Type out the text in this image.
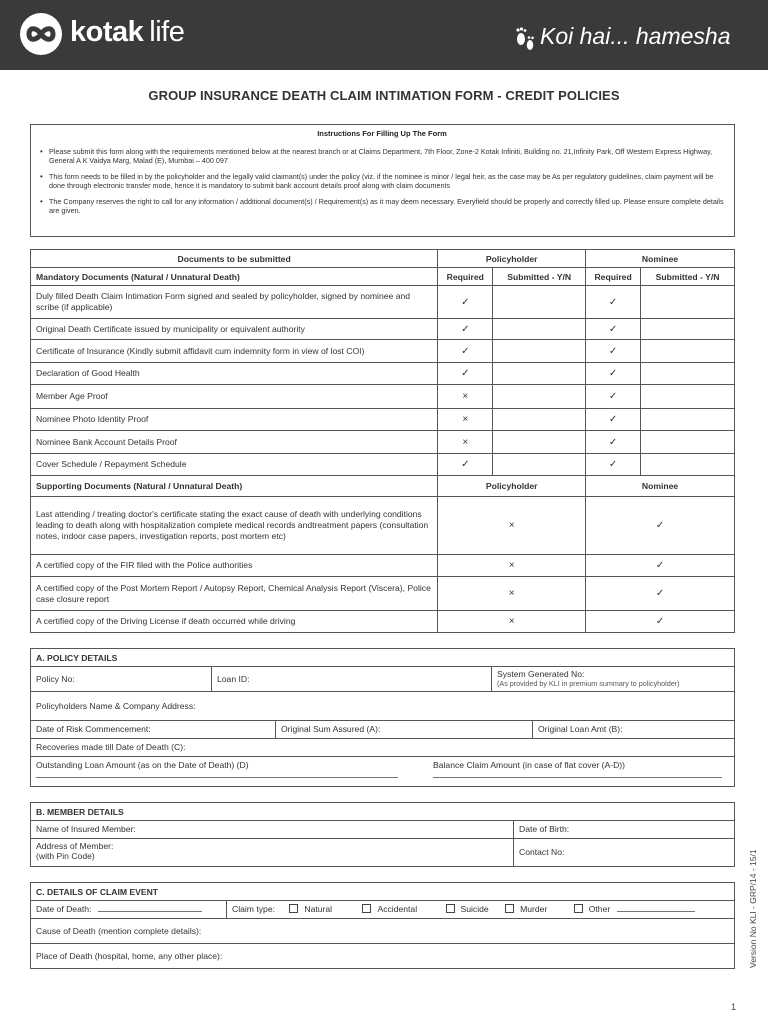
kotak life	Koi hai... hamesha
GROUP INSURANCE DEATH CLAIM INTIMATION FORM - CREDIT POLICIES
Instructions For Filling Up The Form
• Please submit this form along with the requirements mentioned below at the nearest branch or at Claims Department, 7th Floor, Zone-2 Kotak Infiniti, Building no. 21,Infinity Park, Off Western Express Highway, General A K Vaidya Marg, Malad (E), Mumbai – 400 097
• This form needs to be filled in by the policyholder and the legally valid claimant(s) under the policy (viz. if the nominee is minor / legal heir, as the case may be As per regulatory guidelines, claim payment will be done through electronic transfer mode, hence it is mandatory to submit bank account details proof along with claim documents
• The Company reserves the right to call for any information / additional document(s) / Requirement(s) as it may deem necessary. Everyfield should be properly and correctly filled up. Please ensure complete details are given.
Documents to be submitted	Policyholder		Nominee	
Mandatory Documents (Natural / Unnatural Death)	Required	Submitted - Y/N	Required	Submitted - Y/N
Duly filled Death Claim Intimation Form signed and sealed by policyholder, signed by nominee and scribe (if applicable)	✓		✓	
Original Death Certificate issued by municipality or equivalent authority	✓		✓	
Certificate of Insurance (Kindly submit affidavit cum indemnity form in view of lost COI)	✓		✓	
Declaration of Good Health	✓		✓	
Member Age Proof	×		✓	
Nominee Photo Identity Proof	×		✓	
Nominee Bank Account Details Proof	×		✓	
Cover Schedule / Repayment Schedule	✓		✓	
Supporting Documents (Natural / Unnatural Death)	Policyholder		Nominee	
Last attending / treating doctor's certificate stating the exact cause of death with underlying conditions leading to death along with hospitalization complete medical records andtreatment papers (consultation notes, indoor case papers, investigation reports, post mortem etc)	×		✓	
A certified copy of the FIR filed with the Police authorities	×		✓	
A certified copy of the Post Mortem Report / Autopsy Report, Chemical Analysis Report (Viscera), Police case closure report	×		✓	
A certified copy of the Driving License if death occurred while driving	×		✓	
A. POLICY DETAILS
Policy No:	Loan ID:	System Generated No:
(As provided by KLI in premium summary to policyholder)
Policyholders Name & Company Address:
Date of Risk Commencement:	Original Sum Assured (A):	Original Loan Amt (B):
Recoveries made till Date of Death (C):
Outstanding Loan Amount (as on the Date of Death) (D)	Balance Claim Amount (in case of flat cover (A-D))
B. MEMBER DETAILS
Name of Insured Member:	Date of Birth:
Address of Member:
(with Pin Code)	Contact No:
C. DETAILS OF CLAIM EVENT
Date of Death:	Claim type:	Natural	Accidental	Suicide	Murder	Other
Cause of Death (mention complete details):
Place of Death (hospital, home, any other place):	Version No KLI - GRP/14 - 15/1
1
